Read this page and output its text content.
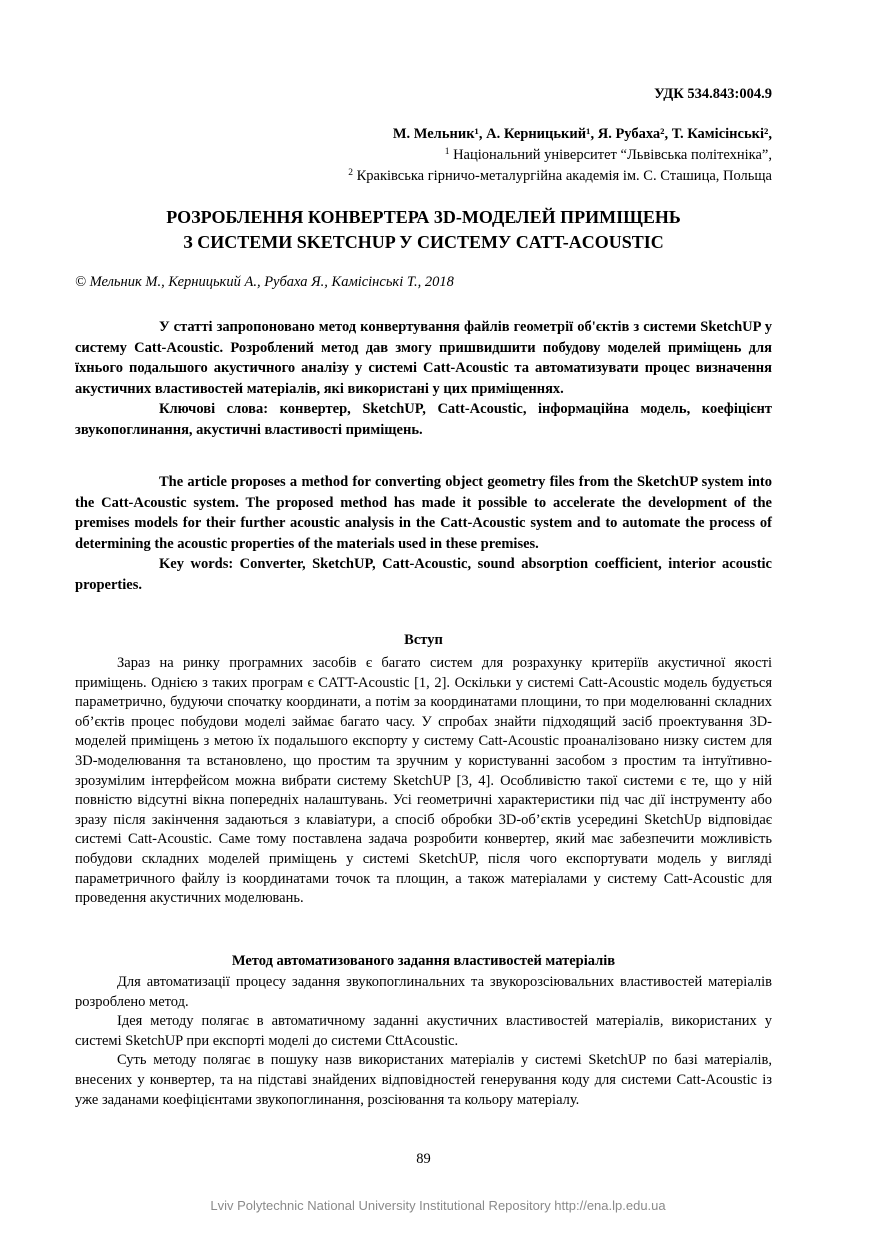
УДК 534.843:004.9
М. Мельник¹, А. Керницький¹, Я. Рубаха², Т. Камісінські²,
$^1$ Національний університет “Львівська політехніка”,
$^2$ Краківська гірничо-металургійна академія ім. С. Сташица, Польща
РОЗРОБЛЕННЯ КОНВЕРТЕРА 3D-МОДЕЛЕЙ ПРИМІЩЕНЬ
З СИСТЕМИ SKETCHUP У СИСТЕМУ CATT-ACOUSTIC
© Мельник М., Керницький А., Рубаха Я., Камісінські Т., 2018

У статті запропоновано метод конвертування файлів геометрії об'єктів з системи SketchUP у систему Catt-Acoustic. Розроблений метод дав змогу пришвидшити побудову моделей приміщень для їхнього подальшого акустичного аналізу у системі Catt-Acoustic та автоматизувати процес визначення акустичних властивостей матеріалів, які використані у цих приміщеннях.

Ключові слова: конвертер, SketchUP, Catt-Acoustic, інформаційна модель, коефіцієнт звукопоглинання, акустичні властивості приміщень.

The article proposes a method for converting object geometry files from the SketchUP system into the Catt-Acoustic system. The proposed method has made it possible to accelerate the development of the premises models for their further acoustic analysis in the Catt-Acoustic system and to automate the process of determining the acoustic properties of the materials used in these premises.

Key words: Converter, SketchUP, Catt-Acoustic, sound absorption coefficient, interior acoustic properties.

Вступ

Зараз на ринку програмних засобів є багато систем для розрахунку критеріїв акустичної якості приміщень. Однією з таких програм є CATT-Acoustic [1, 2]. Оскільки у системі Catt-Acoustic модель будується параметрично, будуючи спочатку координати, а потім за координатами площини, то при моделюванні складних об’єктів процес побудови моделі займає багато часу. У спробах знайти підходящий засіб проектування 3D-моделей приміщень з метою їх подальшого експорту у систему Catt-Acoustic проаналізовано низку систем для 3D-моделювання та встановлено, що простим та зручним у користуванні засобом з простим та інтуїтивно-зрозумілим інтерфейсом можна вибрати систему SketchUP [3, 4]. Особливістю такої системи є те, що у ній повністю відсутні вікна попередніх налаштувань. Усі геометричні характеристики під час дії інструменту або зразу після закінчення задаються з клавіатури, а спосіб обробки 3D-об’єктів усередині SketchUp відповідає системі Catt-Acoustic. Саме тому поставлена задача розробити конвертер, який має забезпечити можливість побудови складних моделей приміщень у системі SketchUP, після чого експортувати модель у вигляді параметричного файлу із координатами точок та площин, а також матеріалами у систему Catt-Acoustic для проведення акустичних моделювань.

Метод автоматизованого задання властивостей матеріалів

Для автоматизації процесу задання звукопоглинальних та звукорозсіювальних властивостей матеріалів розроблено метод.

Ідея методу полягає в автоматичному заданні акустичних властивостей матеріалів, використаних у системі SketchUP при експорті моделі до системи CttAcoustic.

Суть методу полягає в пошуку назв використаних матеріалів у системі SketchUP по базі матеріалів, внесених у конвертер, та на підставі знайдених відповідностей генерування коду для системи Catt-Acoustic із уже заданами коефіцієнтами звукопоглинання, розсіювання та кольору матеріалу.

89
Lviv Polytechnic National University Institutional Repository http://ena.lp.edu.ua
